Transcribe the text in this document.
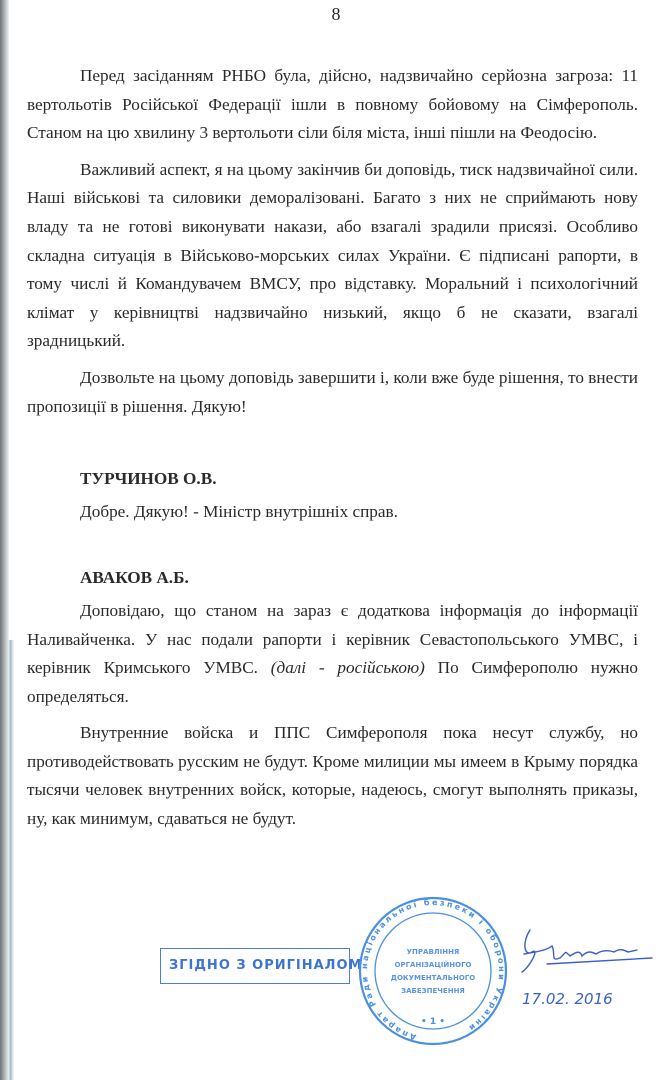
8

Перед засіданням РНБО була, дійсно, надзвичайно серйозна загроза: 11 вертольотів Російської Федерації ішли в повному бойовому на Сімферополь. Станом на цю хвилину 3 вертольоти сіли біля міста, інші пішли на Феодосію.

Важливий аспект, я на цьому закінчив би доповідь, тиск надзвичайної сили. Наші військові та силовики деморалізовані. Багато з них не сприймають нову владу та не готові виконувати накази, або взагалі зрадили присязі. Особливо складна ситуація в Військово-морських силах України. Є підписані рапорти, в тому числі й Командувачем ВМСУ, про відставку. Моральний і психологічний клімат у керівництві надзвичайно низький, якщо б не сказати, взагалі зрадницький.

Дозвольте на цьому доповідь завершити і, коли вже буде рішення, то внести пропозиції в рішення. Дякую!

ТУРЧИНОВ О.В.

Добре. Дякую! - Міністр внутрішніх справ.

АВАКОВ А.Б.

Доповідаю, що станом на зараз є додаткова інформація до інформації Наливайченка. У нас подали рапорти і керівник Севастопольського УМВС, і керівник Кримського УМВС. (далі - російською) По Симферополю нужно определяться.

Внутренние войска и ППС Симферополя пока несут службу, но противодействовать русским не будут. Кроме милиции мы имеем в Крыму порядка тысячи человек внутренних войск, которые, надеюсь, смогут выполнять приказы, ну, как минимум, сдаваться не будут.

ЗГІДНО З ОРИГІНАЛОМ
Апарат Ради національної безпеки і оборони України
• 1 •
УПРАВЛІННЯ
ОРГАНІЗАЦІЙНОГО
ДОКУМЕНТАЛЬНОГО
ЗАБЕЗПЕЧЕННЯ	17.02. 2016
